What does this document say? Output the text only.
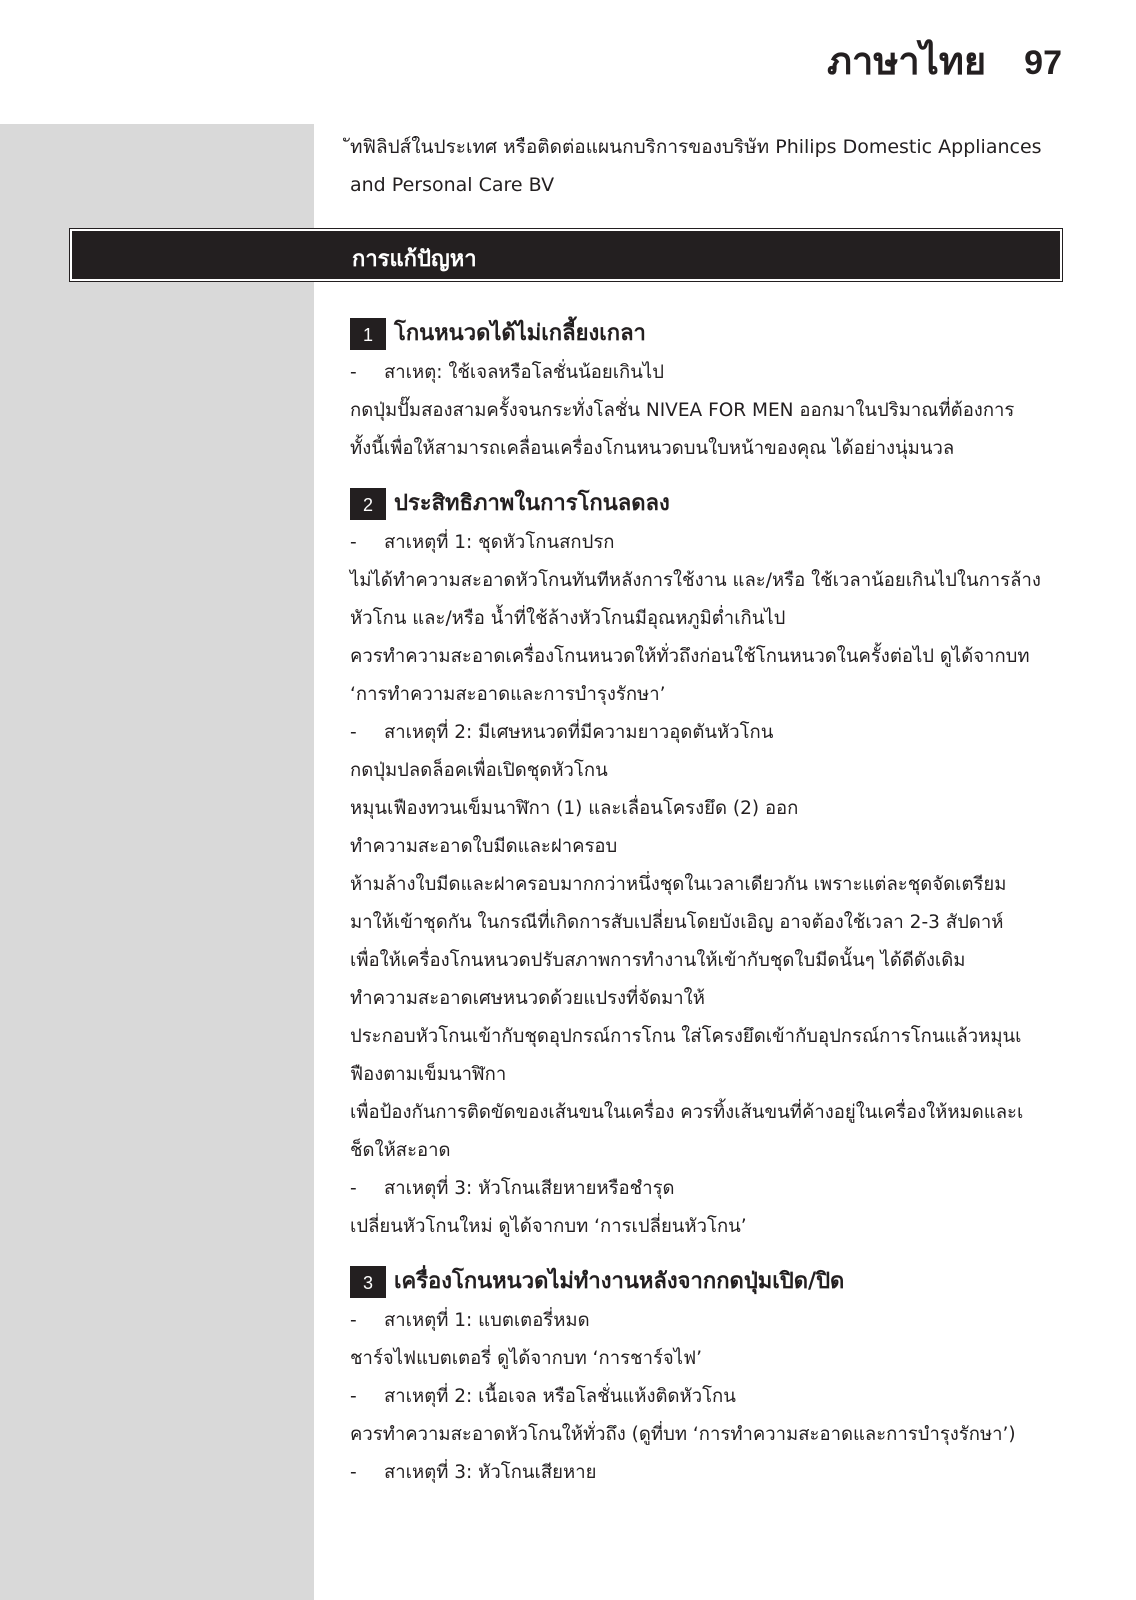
ภาษาไทย 97
ัทฟิลิปส์ในประเทศ หรือติดต่อแผนกบริการของบริษัท Philips Domestic Appliances
and Personal Care BV
การแก้ปัญหา
1 โกนหนวดได้ไม่เกลี้ยงเกลา
- สาเหตุ: ใช้เจลหรือโลชั่นน้อยเกินไป
กดปุ่มปั๊มสองสามครั้งจนกระทั่งโลชั่น NIVEA FOR MEN ออกมาในปริมาณที่ต้องการ
ทั้งนี้เพื่อให้สามารถเคลื่อนเครื่องโกนหนวดบนใบหน้าของคุณ ได้อย่างนุ่มนวล
2 ประสิทธิภาพในการโกนลดลง
- สาเหตุที่ 1: ชุดหัวโกนสกปรก
ไม่ได้ทำความสะอาดหัวโกนทันทีหลังการใช้งาน และ/หรือ ใช้เวลาน้อยเกินไปในการล้าง
หัวโกน และ/หรือ น้ำที่ใช้ล้างหัวโกนมีอุณหภูมิต่ำเกินไป
ควรทำความสะอาดเครื่องโกนหนวดให้ทั่วถึงก่อนใช้โกนหนวดในครั้งต่อไป ดูได้จากบท
‘การทำความสะอาดและการบำรุงรักษา’
- สาเหตุที่ 2: มีเศษหนวดที่มีความยาวอุดตันหัวโกน
กดปุ่มปลดล็อคเพื่อเปิดชุดหัวโกน
หมุนเฟืองทวนเข็มนาฬิกา (1) และเลื่อนโครงยึด (2) ออก
ทำความสะอาดใบมีดและฝาครอบ
ห้ามล้างใบมีดและฝาครอบมากกว่าหนึ่งชุดในเวลาเดียวกัน เพราะแต่ละชุดจัดเตรียม
มาให้เข้าชุดกัน ในกรณีที่เกิดการสับเปลี่ยนโดยบังเอิญ อาจต้องใช้เวลา 2-3 สัปดาห์
เพื่อให้เครื่องโกนหนวดปรับสภาพการทำงานให้เข้ากับชุดใบมีดนั้นๆ ได้ดีดังเดิม
ทำความสะอาดเศษหนวดด้วยแปรงที่จัดมาให้
ประกอบหัวโกนเข้ากับชุดอุปกรณ์การโกน ใส่โครงยึดเข้ากับอุปกรณ์การโกนแล้วหมุนเ
ฟืองตามเข็มนาฬิกา
เพื่อป้องกันการติดขัดของเส้นขนในเครื่อง ควรทิ้งเส้นขนที่ค้างอยู่ในเครื่องให้หมดและเ
ช็ดให้สะอาด
- สาเหตุที่ 3: หัวโกนเสียหายหรือชำรุด
เปลี่ยนหัวโกนใหม่ ดูได้จากบท ‘การเปลี่ยนหัวโกน’
3 เครื่องโกนหนวดไม่ทำงานหลังจากกดปุ่มเปิด/ปิด
- สาเหตุที่ 1: แบตเตอรี่หมด
ชาร์จไฟแบตเตอรี่ ดูได้จากบท ‘การชาร์จไฟ’
- สาเหตุที่ 2: เนื้อเจล หรือโลชั่นแห้งติดหัวโกน
ควรทำความสะอาดหัวโกนให้ทั่วถึง (ดูที่บท ‘การทำความสะอาดและการบำรุงรักษา’)
- สาเหตุที่ 3: หัวโกนเสียหาย
